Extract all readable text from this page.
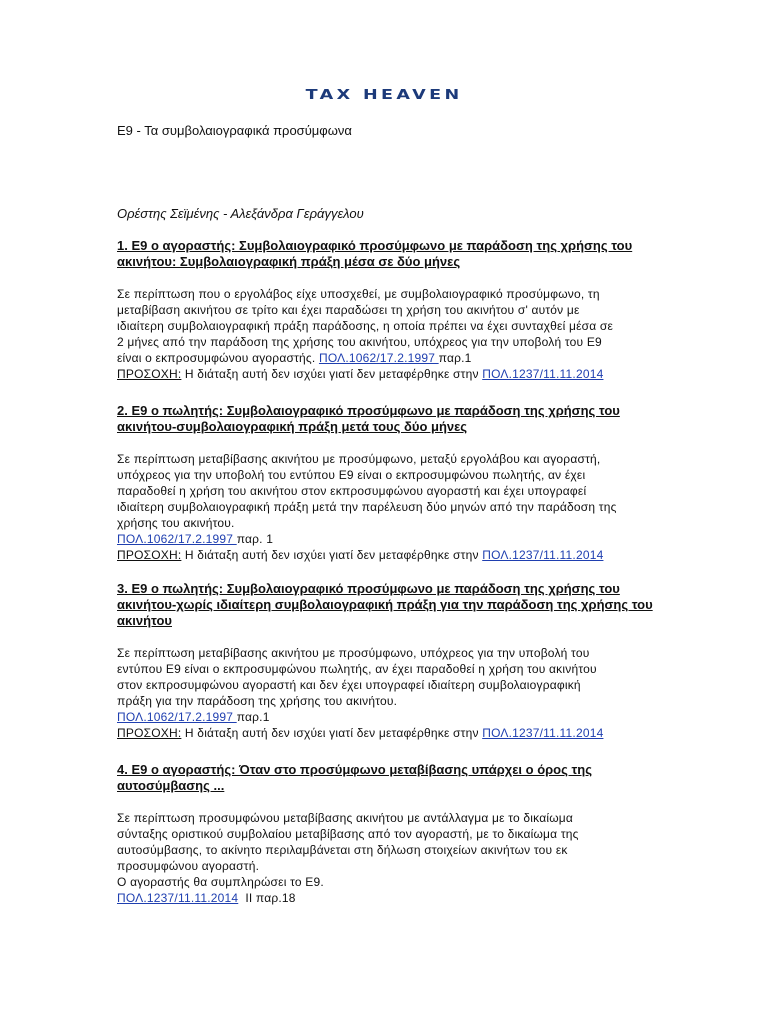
TAX HEAVEN
Ε9 - Τα συμβολαιογραφικά προσύμφωνα
Ορέστης Σεϊμένης - Αλεξάνδρα Γεράγγελου
1. Ε9 ο αγοραστής: Συμβολαιογραφικό προσύμφωνο με παράδοση της χρήσης του
ακινήτου: Συμβολαιογραφική πράξη μέσα σε δύο μήνες
Σε περίπτωση που ο εργολάβος είχε υποσχεθεί, με συμβολαιογραφικό προσύμφωνο, τη
μεταβίβαση ακινήτου σε τρίτο και έχει παραδώσει τη χρήση του ακινήτου σ' αυτόν με
ιδιαίτερη συμβολαιογραφική πράξη παράδοσης, η οποία πρέπει να έχει συνταχθεί μέσα σε
2 μήνες από την παράδοση της χρήσης του ακινήτου, υπόχρεος για την υποβολή του Ε9
είναι ο εκπροσυμφώνου αγοραστής. ΠΟΛ.1062/17.2.1997 παρ.1
ΠΡΟΣΟΧΗ: Η διάταξη αυτή δεν ισχύει γιατί δεν μεταφέρθηκε στην ΠΟΛ.1237/11.11.2014
2. Ε9 ο πωλητής: Συμβολαιογραφικό προσύμφωνο με παράδοση της χρήσης του
ακινήτου-συμβολαιογραφική πράξη μετά τους δύο μήνες
Σε περίπτωση μεταβίβασης ακινήτου με προσύμφωνο, μεταξύ εργολάβου και αγοραστή,
υπόχρεος για την υποβολή του εντύπου Ε9 είναι ο εκπροσυμφώνου πωλητής, αν έχει
παραδοθεί η χρήση του ακινήτου στον εκπροσυμφώνου αγοραστή και έχει υπογραφεί
ιδιαίτερη συμβολαιογραφική πράξη μετά την παρέλευση δύο μηνών από την παράδοση της
χρήσης του ακινήτου.
ΠΟΛ.1062/17.2.1997 παρ. 1
ΠΡΟΣΟΧΗ: Η διάταξη αυτή δεν ισχύει γιατί δεν μεταφέρθηκε στην ΠΟΛ.1237/11.11.2014
3. Ε9 ο πωλητής: Συμβολαιογραφικό προσύμφωνο με παράδοση της χρήσης του
ακινήτου-χωρίς ιδιαίτερη συμβολαιογραφική πράξη για την παράδοση της χρήσης του
ακινήτου
Σε περίπτωση μεταβίβασης ακινήτου με προσύμφωνο, υπόχρεος για την υποβολή του
εντύπου Ε9 είναι ο εκπροσυμφώνου πωλητής, αν έχει παραδοθεί η χρήση του ακινήτου
στον εκπροσυμφώνου αγοραστή και δεν έχει υπογραφεί ιδιαίτερη συμβολαιογραφική
πράξη για την παράδοση της χρήσης του ακινήτου.
ΠΟΛ.1062/17.2.1997 παρ.1
ΠΡΟΣΟΧΗ: Η διάταξη αυτή δεν ισχύει γιατί δεν μεταφέρθηκε στην ΠΟΛ.1237/11.11.2014
4. Ε9 ο αγοραστής: Όταν στο προσύμφωνο μεταβίβασης υπάρχει ο όρος της
αυτοσύμβασης ...
Σε περίπτωση προσυμφώνου μεταβίβασης ακινήτου με αντάλλαγμα με το δικαίωμα
σύνταξης οριστικού συμβολαίου μεταβίβασης από τον αγοραστή, με το δικαίωμα της
αυτοσύμβασης, το ακίνητο περιλαμβάνεται στη δήλωση στοιχείων ακινήτων του εκ
προσυμφώνου αγοραστή.
Ο αγοραστής θα συμπληρώσει το Ε9.
ΠΟΛ.1237/11.11.2014  ΙΙ παρ.18
